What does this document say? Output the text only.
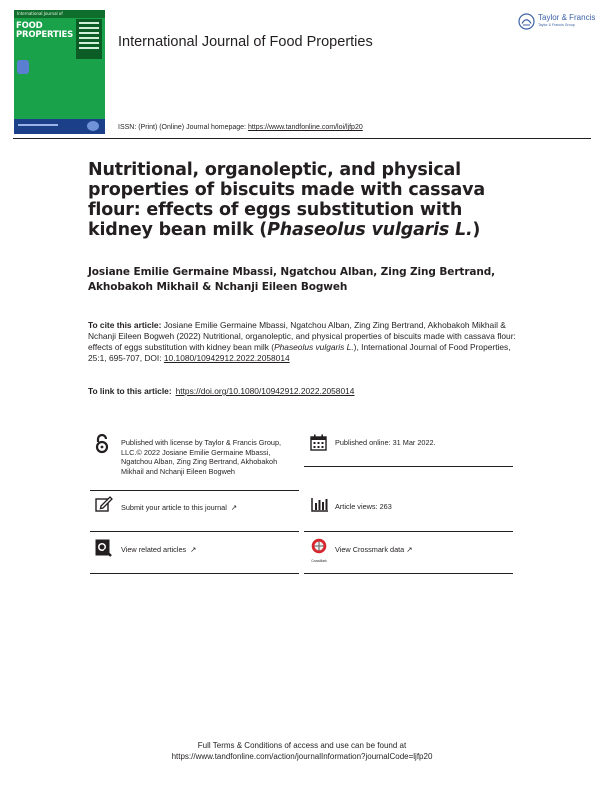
International Journal of
FOOD PROPERTIES	International Journal of Food Properties
ISSN: (Print) (Online) Journal homepage: https://www.tandfonline.com/loi/ljfp20
Taylor & Francis
Taylor & Francis Group
Nutritional, organoleptic, and physical properties of biscuits made with cassava flour: effects of eggs substitution with kidney bean milk (Phaseolus vulgaris L.)
Josiane Emilie Germaine Mbassi, Ngatchou Alban, Zing Zing Bertrand, Akhobakoh Mikhail & Nchanji Eileen Bogweh
To cite this article: Josiane Emilie Germaine Mbassi, Ngatchou Alban, Zing Zing Bertrand, Akhobakoh Mikhail & Nchanji Eileen Bogweh (2022) Nutritional, organoleptic, and physical properties of biscuits made with cassava flour: effects of eggs substitution with kidney bean milk (Phaseolus vulgaris L.), International Journal of Food Properties, 25:1, 695-707, DOI: 10.1080/10942912.2022.2058014
To link to this article: https://doi.org/10.1080/10942912.2022.2058014
Published with license by Taylor & Francis Group, LLC.© 2022 Josiane Emilie Germaine Mbassi, Ngatchou Alban, Zing Zing Bertrand, Akhobakoh Mikhail and Nchanji Eileen Bogweh
Published online: 31 Mar 2022.
Submit your article to this journal ↗	Article views: 263
View related articles ↗
CrossMark
View Crossmark data ↗
Full Terms & Conditions of access and use can be found at
https://www.tandfonline.com/action/journalInformation?journalCode=ljfp20
